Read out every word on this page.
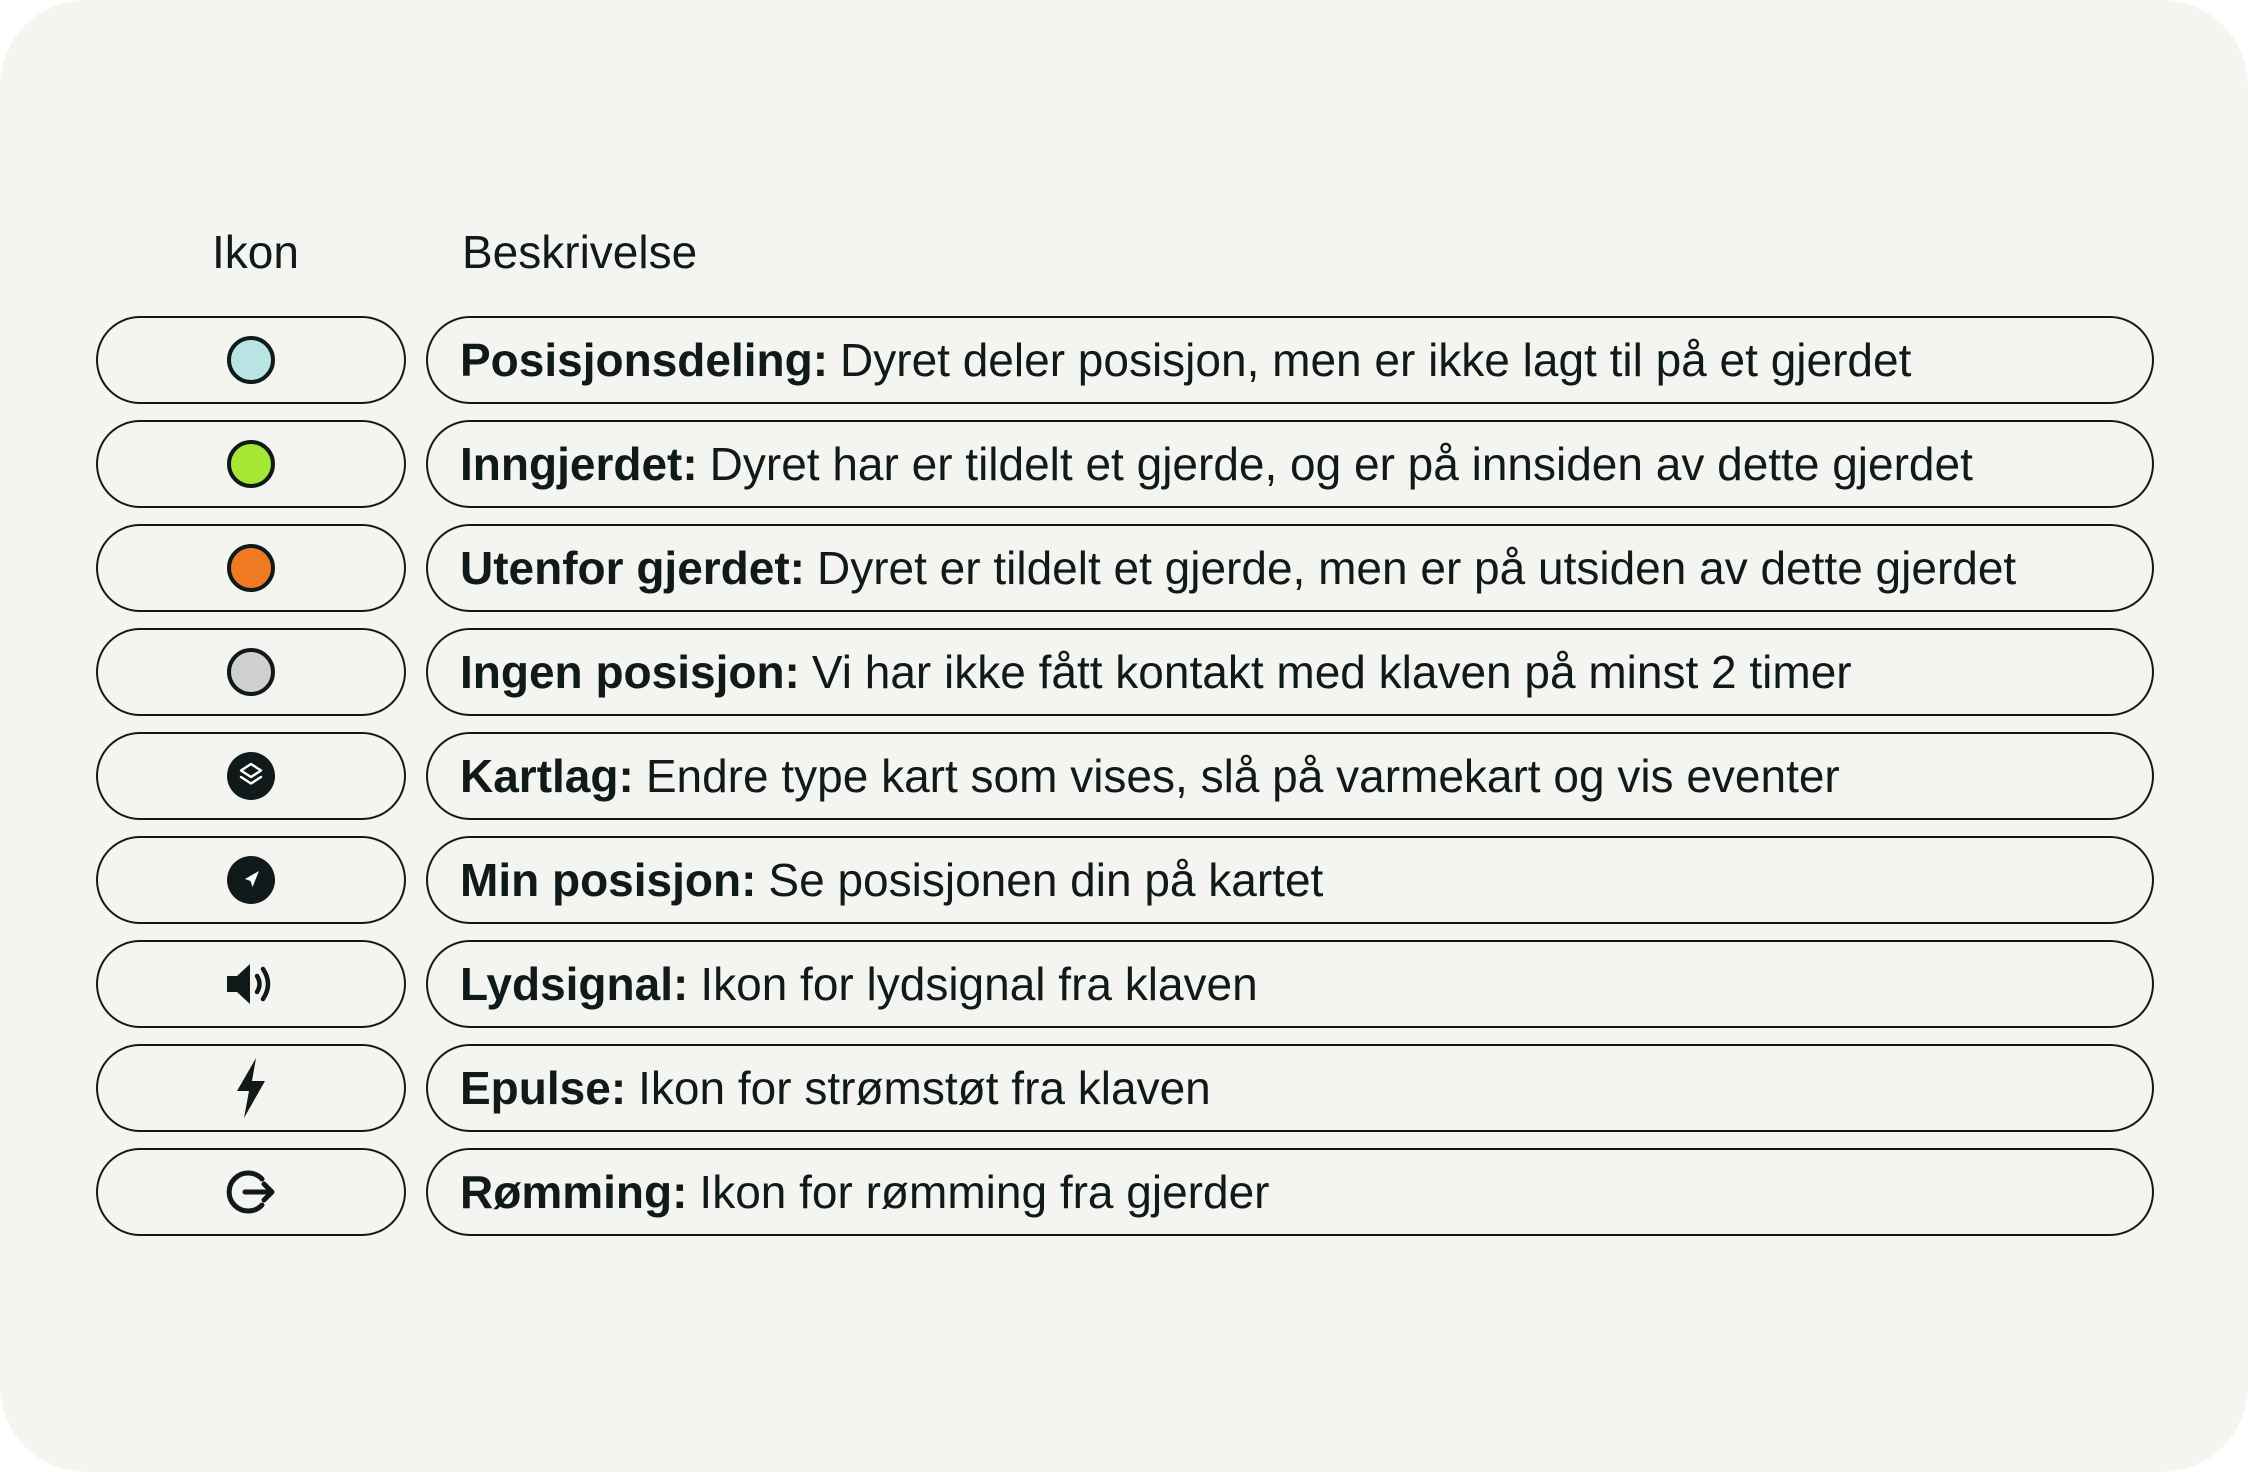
Ikon	Beskrivelse
Posisjonsdeling: Dyret deler posisjon, men er ikke lagt til på et gjerdet
Inngjerdet: Dyret har er tildelt et gjerde, og er på innsiden av dette gjerdet
Utenfor gjerdet: Dyret er tildelt et gjerde, men er på utsiden av dette gjerdet
Ingen posisjon: Vi har ikke fått kontakt med klaven på minst 2 timer
Kartlag: Endre type kart som vises, slå på varmekart og vis eventer
Min posisjon: Se posisjonen din på kartet
Lydsignal: Ikon for lydsignal fra klaven
Epulse: Ikon for strømstøt fra klaven
Rømming: Ikon for rømming fra gjerder
